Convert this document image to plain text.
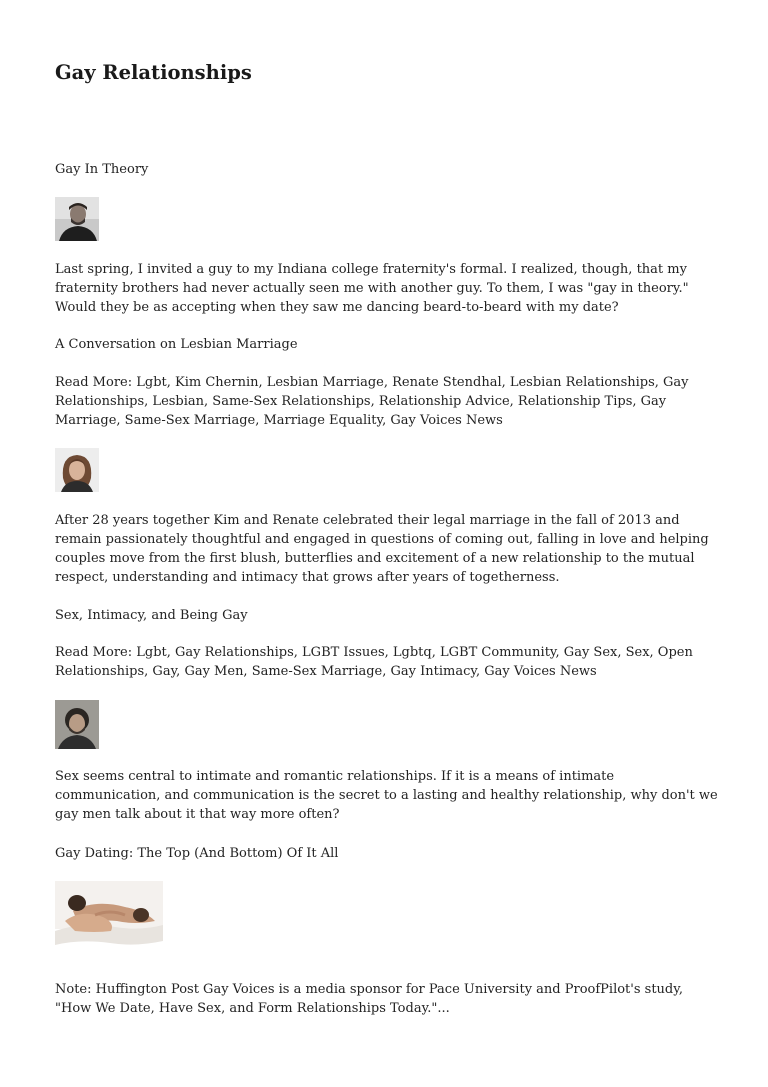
Gay Relationships

Gay In Theory

Last spring, I invited a guy to my Indiana college fraternity's formal. I realized, though, that my fraternity brothers had never actually seen me with another guy. To them, I was "gay in theory." Would they be as accepting when they saw me dancing beard-to-beard with my date?

A Conversation on Lesbian Marriage

Read More: Lgbt, Kim Chernin, Lesbian Marriage, Renate Stendhal, Lesbian Relationships, Gay Relationships, Lesbian, Same-Sex Relationships, Relationship Advice, Relationship Tips, Gay Marriage, Same-Sex Marriage, Marriage Equality, Gay Voices News

After 28 years together Kim and Renate celebrated their legal marriage in the fall of 2013 and remain passionately thoughtful and engaged in questions of coming out, falling in love and helping couples move from the first blush, butterflies and excitement of a new relationship to the mutual respect, understanding and intimacy that grows after years of togetherness.

Sex, Intimacy, and Being Gay

Read More: Lgbt, Gay Relationships, LGBT Issues, Lgbtq, LGBT Community, Gay Sex, Sex, Open Relationships, Gay, Gay Men, Same-Sex Marriage, Gay Intimacy, Gay Voices News

Sex seems central to intimate and romantic relationships. If it is a means of intimate communication, and communication is the secret to a lasting and healthy relationship, why don't we gay men talk about it that way more often?

Gay Dating: The Top (And Bottom) Of It All

Note: Huffington Post Gay Voices is a media sponsor for Pace University and ProofPilot's study, "How We Date, Have Sex, and Form Relationships Today."...
